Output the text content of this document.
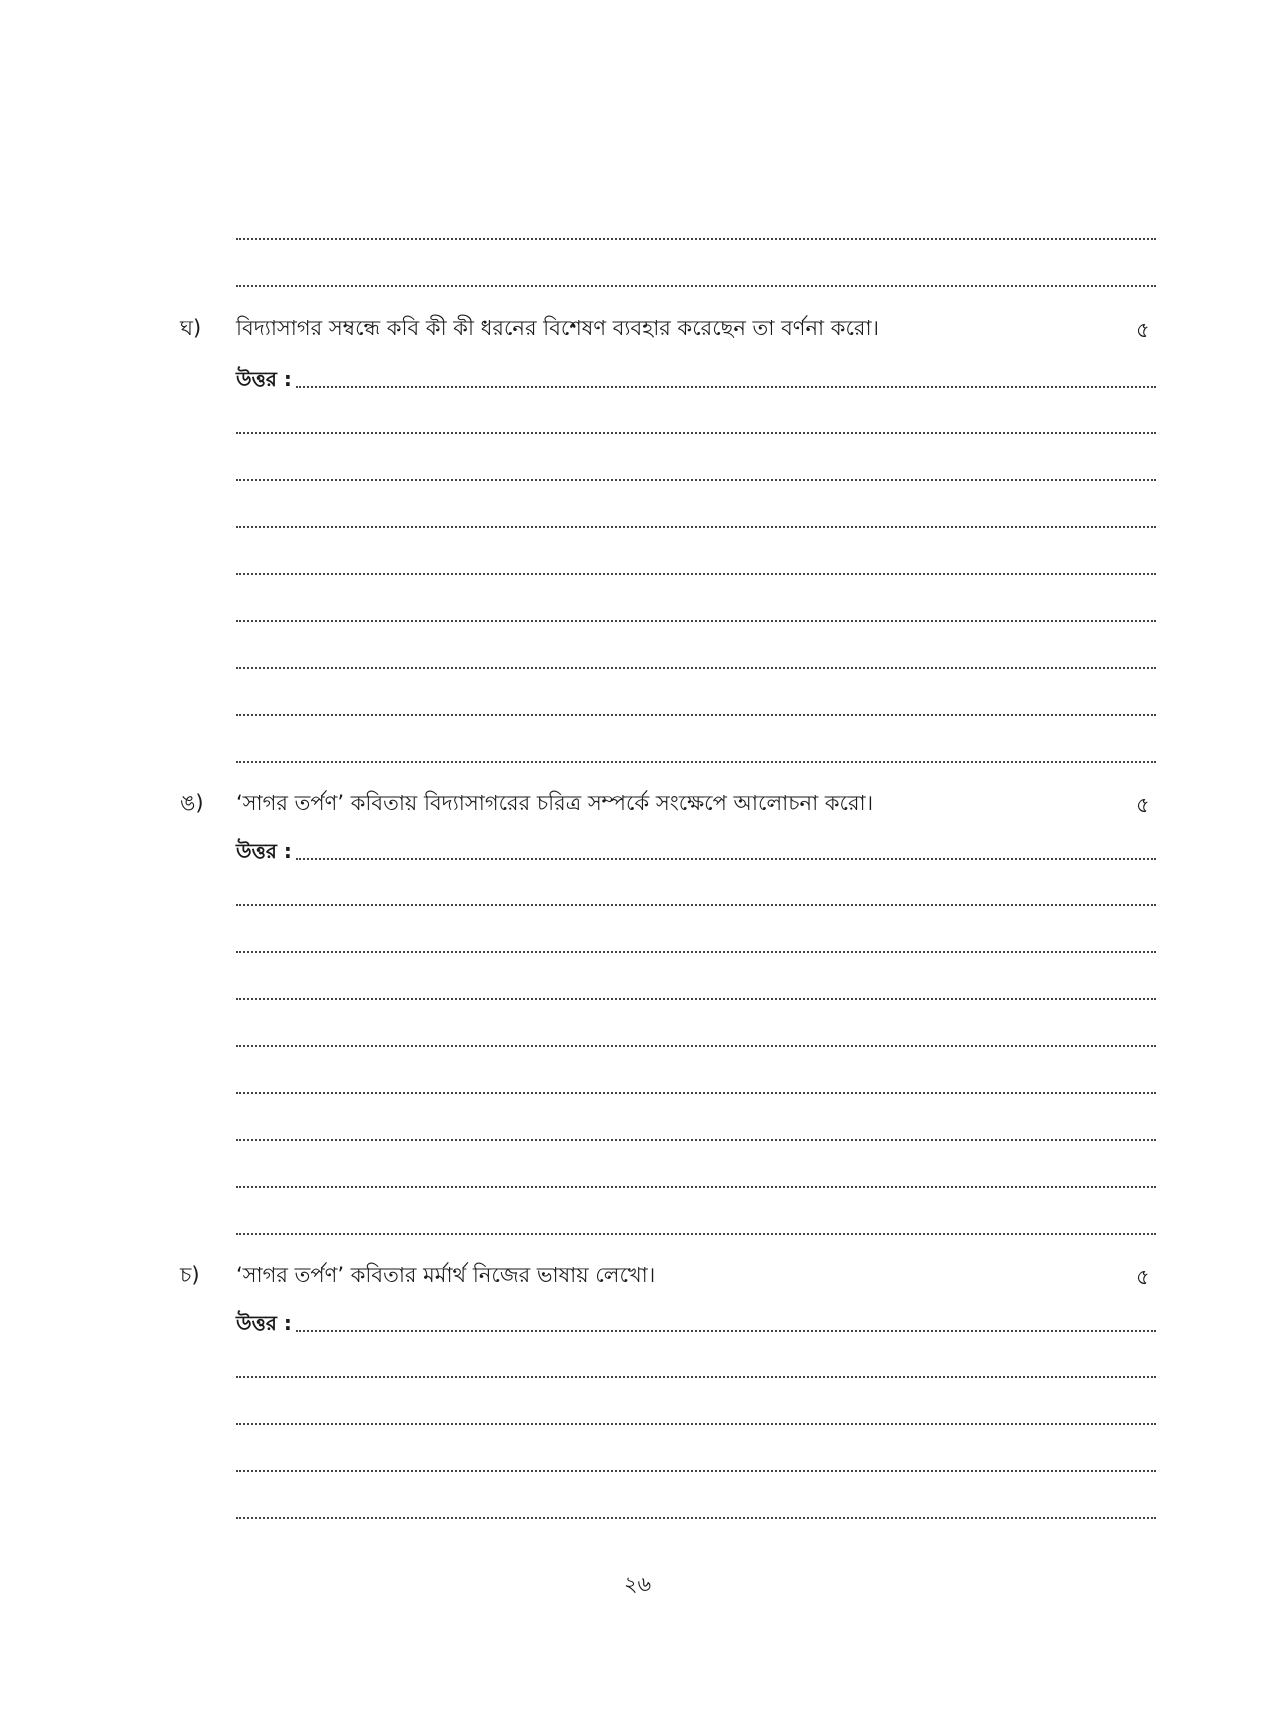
ঘ) বিদ্যাসাগর সম্বন্ধে কবি কী কী ধরনের বিশেষণ ব্যবহার করেছেন তা বর্ণনা করো।	৫
উত্তর :
ঙ) ‘সাগর তর্পণ’ কবিতায় বিদ্যাসাগরের চরিত্র সম্পর্কে সংক্ষেপে আলোচনা করো।	৫
উত্তর :
চ) ‘সাগর তর্পণ’ কবিতার মর্মার্থ নিজের ভাষায় লেখো।	৫
উত্তর :
২৬
